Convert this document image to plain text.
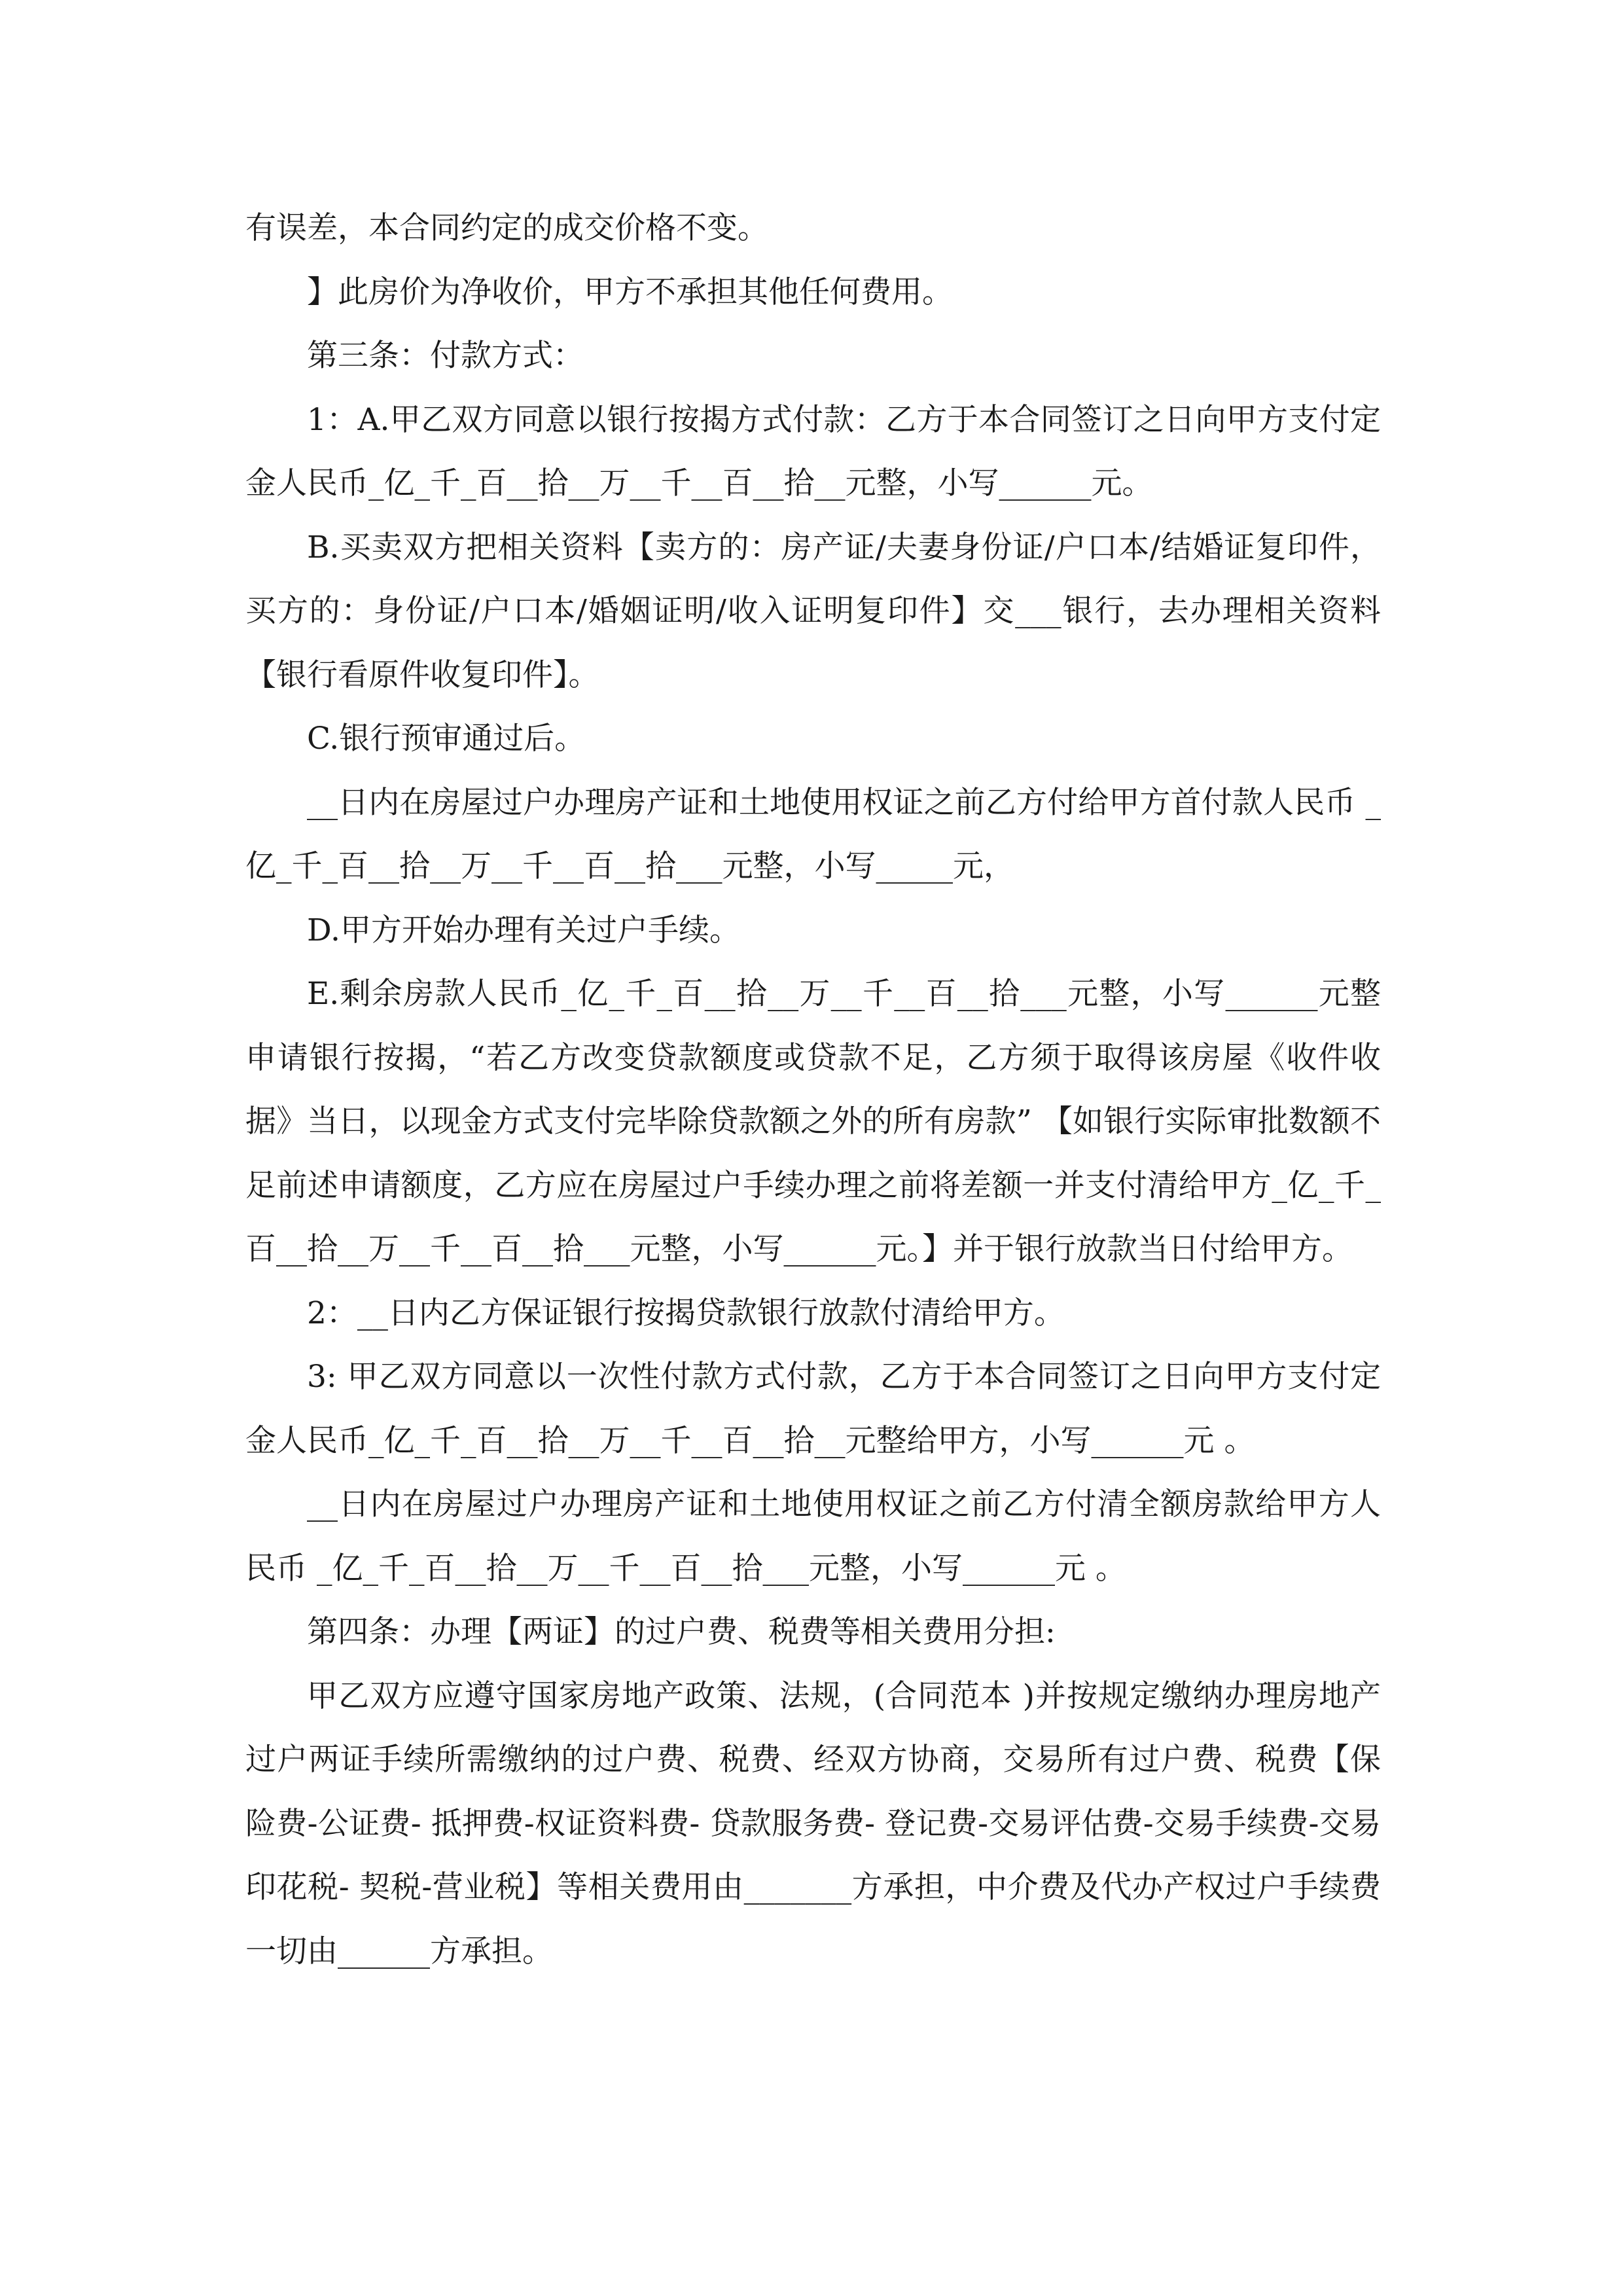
有误差，本合同约定的成交价格不变。

】此房价为净收价，甲方不承担其他任何费用。

第三条：付款方式：

1：A.甲乙双方同意以银行按揭方式付款：乙方于本合同签订之日向甲方支付定金人民币_亿_千_百__拾__万__千__百__拾__元整，小写______元。

B.买卖双方把相关资料【卖方的：房产证/夫妻身份证/户口本/结婚证复印件，买方的：身份证/户口本/婚姻证明/收入证明复印件】交___银行，去办理相关资料【银行看原件收复印件】。

C.银行预审通过后。

__日内在房屋过户办理房产证和土地使用权证之前乙方付给甲方首付款人民币 _亿_千_百__拾__万__千__百__拾___元整，小写_____元，

D.甲方开始办理有关过户手续。

E.剩余房款人民币_亿_千_百__拾__万__千__百__拾___元整，小写______元整申请银行按揭，“若乙方改变贷款额度或贷款不足，乙方须于取得该房屋《收件收据》当日，以现金方式支付完毕除贷款额之外的所有房款” 【如银行实际审批数额不足前述申请额度，乙方应在房屋过户手续办理之前将差额一并支付清给甲方_亿_千_百__拾__万__千__百__拾___元整，小写______元。】并于银行放款当日付给甲方。

2：__日内乙方保证银行按揭贷款银行放款付清给甲方。

3: 甲乙双方同意以一次性付款方式付款，乙方于本合同签订之日向甲方支付定金人民币_亿_千_百__拾__万__千__百__拾__元整给甲方，小写______元 。

__日内在房屋过户办理房产证和土地使用权证之前乙方付清全额房款给甲方人民币 _亿_千_百__拾__万__千__百__拾___元整，小写______元 。

第四条：办理【两证】的过户费、税费等相关费用分担:

甲乙双方应遵守国家房地产政策、法规，(合同范本 )并按规定缴纳办理房地产过户两证手续所需缴纳的过户费、税费、经双方协商，交易所有过户费、税费【保险费-公证费- 抵押费-权证资料费- 贷款服务费- 登记费-交易评估费-交易手续费-交易印花税- 契税-营业税】等相关费用由_______方承担，中介费及代办产权过户手续费一切由______方承担。
